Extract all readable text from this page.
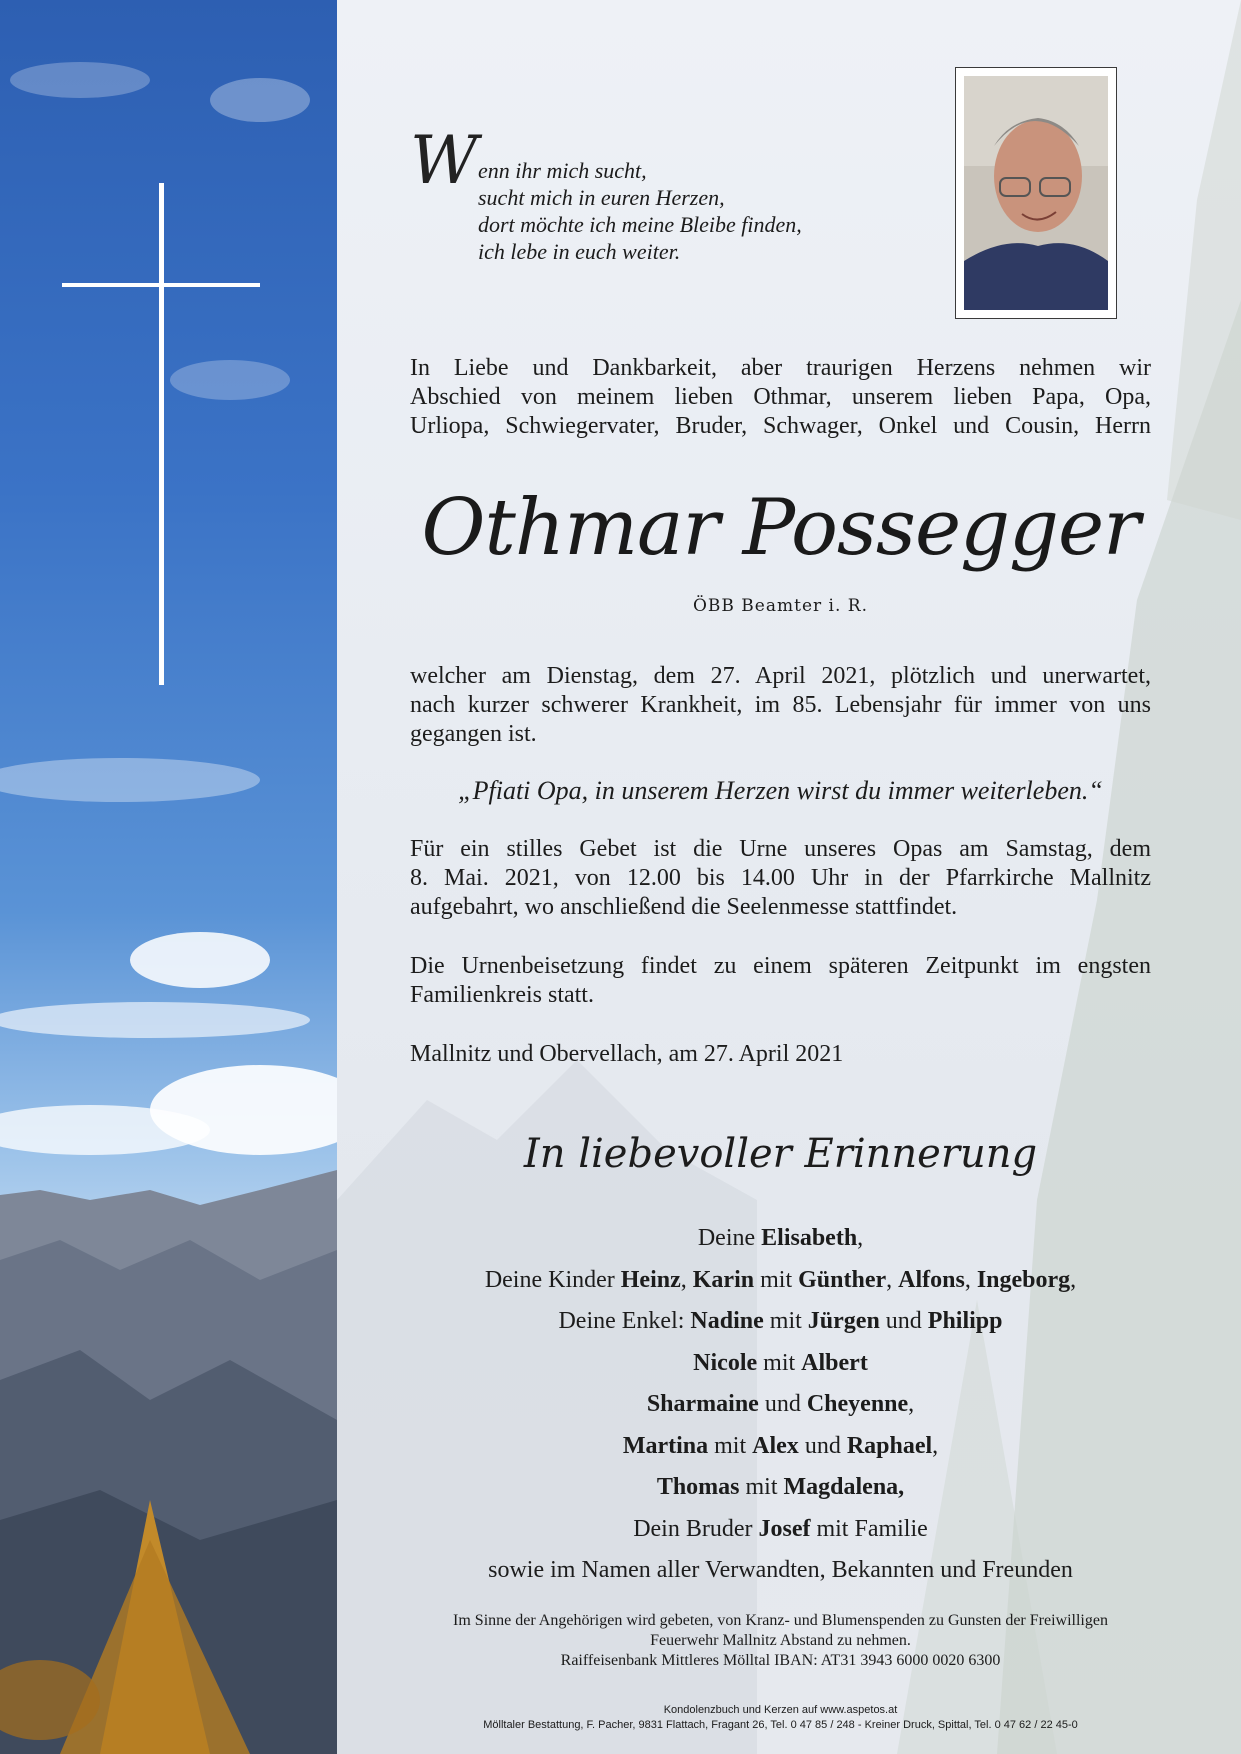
W enn ihr mich sucht,
sucht mich in euren Herzen,
dort möchte ich meine Bleibe finden,
ich lebe in euch weiter.
In Liebe und Dankbarkeit, aber traurigen Herzens nehmen wir
Abschied von meinem lieben Othmar, unserem lieben Papa, Opa,
Urliopa, Schwiegervater, Bruder, Schwager, Onkel und Cousin, Herrn
Othmar Possegger
ÖBB Beamter i. R.
welcher am Dienstag, dem 27. April 2021, plötzlich und unerwartet,
nach kurzer schwerer Krankheit, im 85. Lebensjahr für immer von uns
gegangen ist.
„Pfiati Opa, in unserem Herzen wirst du immer weiterleben.“
Für ein stilles Gebet ist die Urne unseres Opas am Samstag, dem
8. Mai. 2021, von 12.00 bis 14.00 Uhr in der Pfarrkirche Mallnitz
aufgebahrt, wo anschließend die Seelenmesse stattfindet.
Die Urnenbeisetzung findet zu einem späteren Zeitpunkt im engsten
Familienkreis statt.
Mallnitz und Obervellach, am 27. April 2021
In liebevoller Erinnerung
Deine Elisabeth,
Deine Kinder Heinz, Karin mit Günther, Alfons, Ingeborg,
Deine Enkel: Nadine mit Jürgen und Philipp
Nicole mit Albert
Sharmaine und Cheyenne,
Martina mit Alex und Raphael,
Thomas mit Magdalena,
Dein Bruder Josef mit Familie
sowie im Namen aller Verwandten, Bekannten und Freunden
Im Sinne der Angehörigen wird gebeten, von Kranz- und Blumenspenden zu Gunsten der Freiwilligen
Feuerwehr Mallnitz Abstand zu nehmen.
Raiffeisenbank Mittleres Mölltal IBAN: AT31 3943 6000 0020 6300
Kondolenzbuch und Kerzen auf www.aspetos.at
Mölltaler Bestattung, F. Pacher, 9831 Flattach, Fragant 26, Tel. 0 47 85 / 248 - Kreiner Druck, Spittal, Tel. 0 47 62 / 22 45-0
